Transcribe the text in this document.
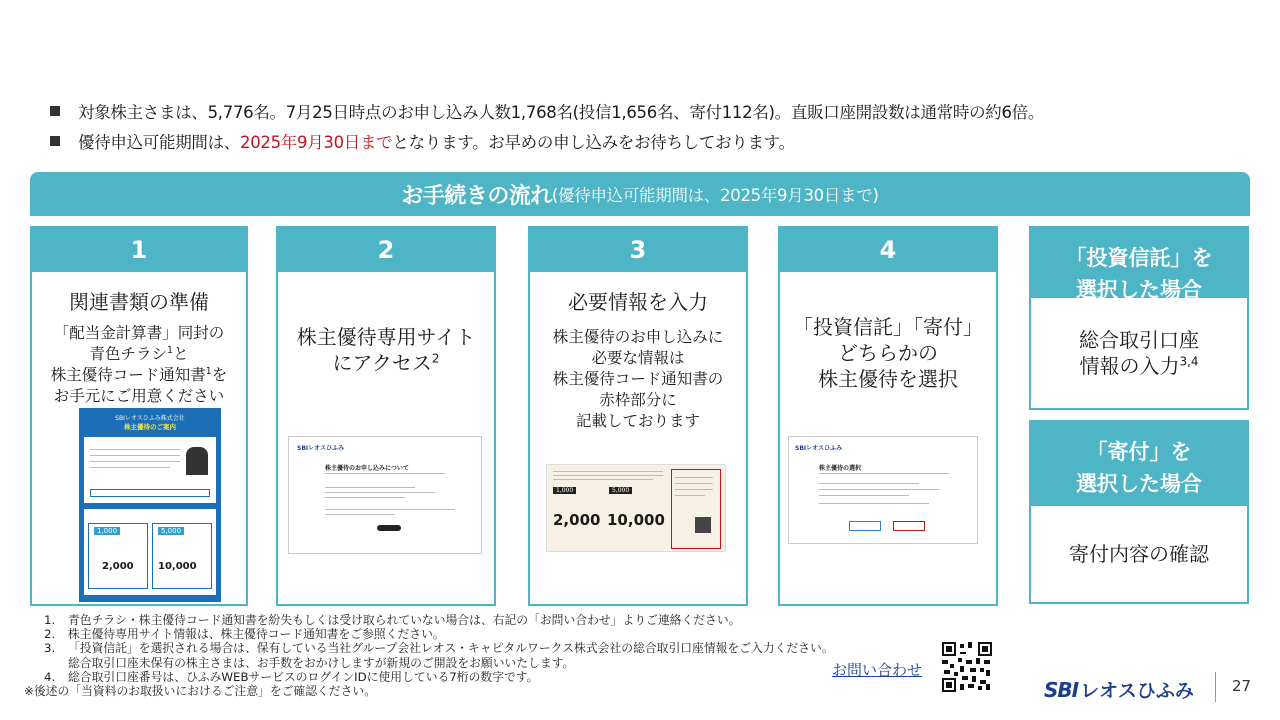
対象株主さまは、5,776名。7月25日時点のお申し込み人数1,768名(投信1,656名、寄付112名)。直販口座開設数は通常時の約6倍。
優待申込可能期間は、 2025年9月30日まで となります。お早めの申し込みをお待ちしております。
お手続きの流れ (優待申込可能期間は、2025年9月30日まで)
1
関連書類の準備
「配当金計算書」同封の
青色チラシ$^1$と
株主優待コード通知書$^1$を
お手元にご用意ください
SBIレオスひふみ株式会社
株主優待のご案内
1,000	5,000
2,000 10,000
2
株主優待専用サイト
にアクセス$^2$
SBIレオスひふみ
株主優待のお申し込みについて
3
必要情報を入力
株主優待のお申し込みに
必要な情報は
株主優待コード通知書の
赤枠部分に
記載しております
1,000	5,000
2,000 10,000
4
「投資信託」「寄付」
どちらかの
株主優待を選択
SBIレオスひふみ
株主優待の選択
「投資信託」を
選択した場合
総合取引口座
情報の入力$^{3,4}$
「寄付」を
選択した場合
寄付内容の確認
1.	青色チラシ・株主優待コード通知書を紛失もしくは受け取られていない場合は、右記の「お問い合わせ」よりご連絡ください。
2.	株主優待専用サイト情報は、株主優待コード通知書をご参照ください。
3.	「投資信託」を選択される場合は、保有している当社グループ会社レオス・キャピタルワークス株式会社の総合取引口座情報をご入力ください。
総合取引口座未保有の株主さまは、お手数をおかけしますが新規のご開設をお願いいたします。
4.	総合取引口座番号は、ひふみWEBサービスのログインIDに使用している7桁の数字です。
※後述の「当資料のお取扱いにおけるご注意」をご確認ください。
お問い合わせ
SBI レオスひふみ	27
